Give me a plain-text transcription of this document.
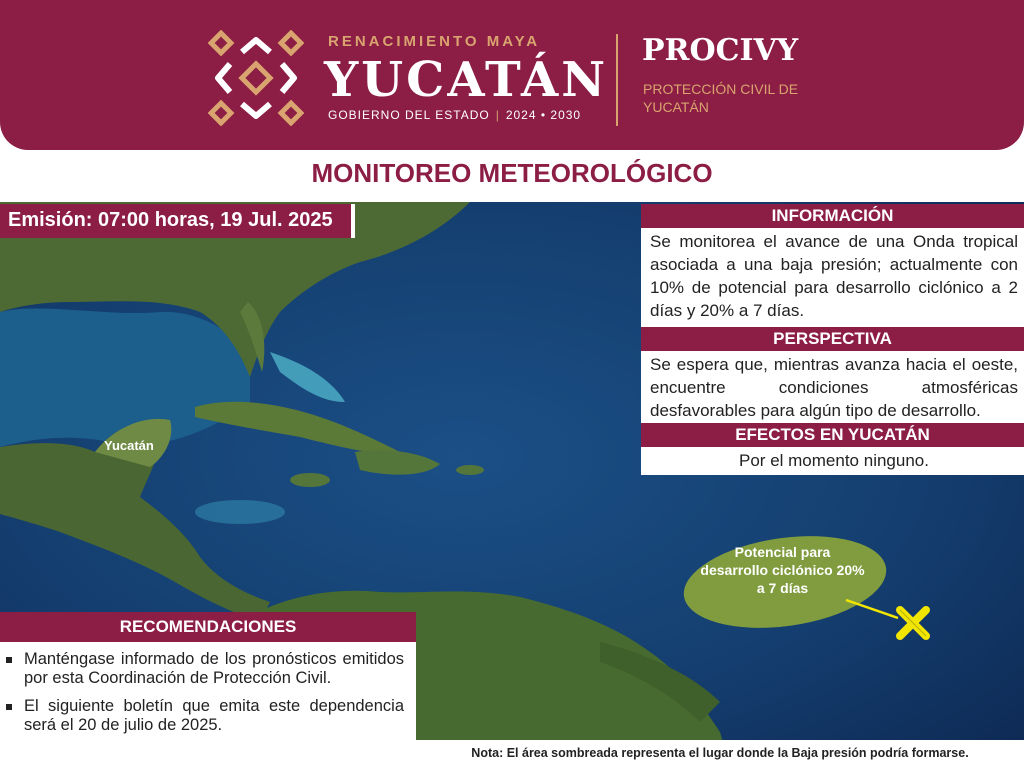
RENACIMIENTO MAYA
YUCATÁN
GOBIERNO DEL ESTADO | 2024 • 2030
PROCIVY
PROTECCIÓN CIVIL DE YUCATÁN
MONITOREO METEOROLÓGICO
Emisión: 07:00 horas, 19 Jul. 2025
Yucatán
Potencial para desarrollo ciclónico 20% a 7 días
INFORMACIÓN
Se monitorea el avance de una Onda tropical asociada a una baja presión; actualmente con 10% de potencial para desarrollo ciclónico a 2 días y 20% a 7 días.
PERSPECTIVA
Se espera que, mientras avanza hacia el oeste, encuentre condiciones atmosféricas desfavorables para algún tipo de desarrollo.
EFECTOS EN YUCATÁN
Por el momento ninguno.
RECOMENDACIONES
Manténgase informado de los pronósticos emitidos por esta Coordinación de Protección Civil.
El siguiente boletín que emita este dependencia será el 20 de julio de 2025.
Nota: El área sombreada representa el lugar donde la Baja presión podría formarse.
